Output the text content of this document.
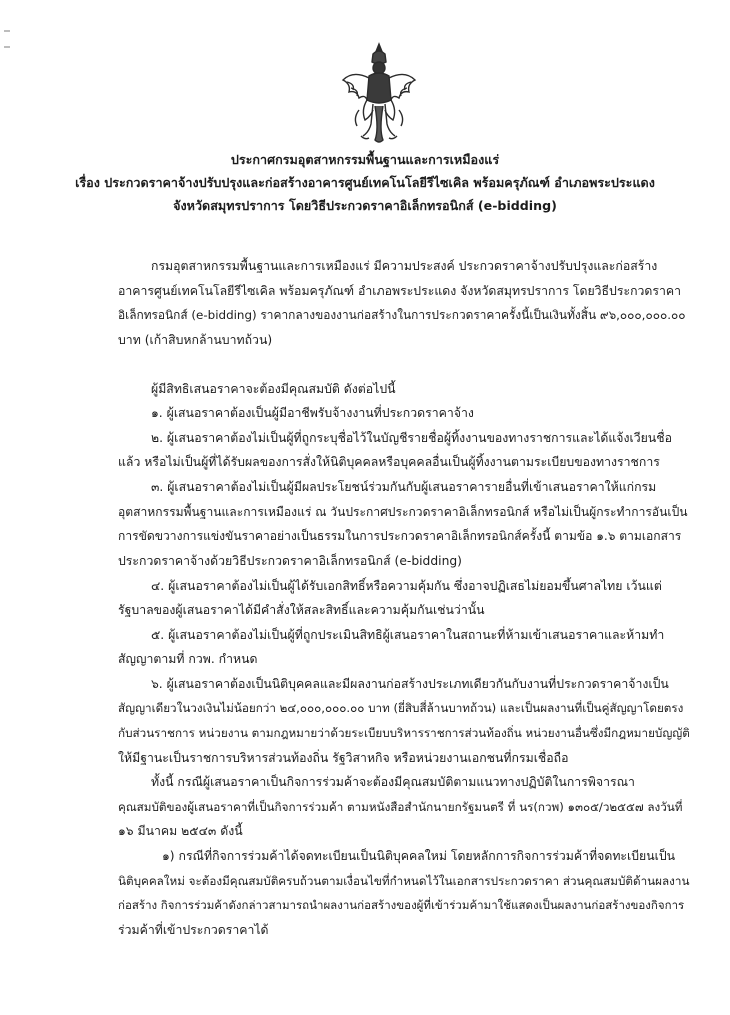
ประกาศกรมอุตสาหกรรมพื้นฐานและการเหมืองแร่
เรื่อง ประกวดราคาจ้างปรับปรุงและก่อสร้างอาคารศูนย์เทคโนโลยีรีไซเคิล พร้อมครุภัณฑ์ อำเภอพระประแดง
จังหวัดสมุทรปราการ โดยวิธีประกวดราคาอิเล็กทรอนิกส์ (e-bidding)
กรมอุตสาหกรรมพื้นฐานและการเหมืองแร่ มีความประสงค์ ประกวดราคาจ้างปรับปรุงและก่อสร้าง
อาคารศูนย์เทคโนโลยีรีไซเคิล พร้อมครุภัณฑ์ อำเภอพระประแดง จังหวัดสมุทรปราการ โดยวิธีประกวดราคา
อิเล็กทรอนิกส์ (e-bidding) ราคากลางของงานก่อสร้างในการประกวดราคาครั้งนี้เป็นเงินทั้งสิ้น ๙๖,๐๐๐,๐๐๐.๐๐
บาท (เก้าสิบหกล้านบาทถ้วน)
ผู้มีสิทธิเสนอราคาจะต้องมีคุณสมบัติ ดังต่อไปนี้
๑. ผู้เสนอราคาต้องเป็นผู้มีอาชีพรับจ้างงานที่ประกวดราคาจ้าง
๒. ผู้เสนอราคาต้องไม่เป็นผู้ที่ถูกระบุชื่อไว้ในบัญชีรายชื่อผู้ทิ้งงานของทางราชการและได้แจ้งเวียนชื่อ
แล้ว หรือไม่เป็นผู้ที่ได้รับผลของการสั่งให้นิติบุคคลหรือบุคคลอื่นเป็นผู้ทิ้งงานตามระเบียบของทางราชการ
๓. ผู้เสนอราคาต้องไม่เป็นผู้มีผลประโยชน์ร่วมกันกับผู้เสนอราคารายอื่นที่เข้าเสนอราคาให้แก่กรม
อุตสาหกรรมพื้นฐานและการเหมืองแร่ ณ วันประกาศประกวดราคาอิเล็กทรอนิกส์ หรือไม่เป็นผู้กระทำการอันเป็น
การขัดขวางการแข่งขันราคาอย่างเป็นธรรมในการประกวดราคาอิเล็กทรอนิกส์ครั้งนี้ ตามข้อ ๑.๖ ตามเอกสาร
ประกวดราคาจ้างด้วยวิธีประกวดราคาอิเล็กทรอนิกส์ (e-bidding)
๔. ผู้เสนอราคาต้องไม่เป็นผู้ได้รับเอกสิทธิ์หรือความคุ้มกัน ซึ่งอาจปฏิเสธไม่ยอมขึ้นศาลไทย เว้นแต่
รัฐบาลของผู้เสนอราคาได้มีคำสั่งให้สละสิทธิ์และความคุ้มกันเช่นว่านั้น
๕. ผู้เสนอราคาต้องไม่เป็นผู้ที่ถูกประเมินสิทธิผู้เสนอราคาในสถานะที่ห้ามเข้าเสนอราคาและห้ามทำ
สัญญาตามที่ กวพ. กำหนด
๖. ผู้เสนอราคาต้องเป็นนิติบุคคลและมีผลงานก่อสร้างประเภทเดียวกันกับงานที่ประกวดราคาจ้างเป็น
สัญญาเดียวในวงเงินไม่น้อยกว่า ๒๔,๐๐๐,๐๐๐.๐๐ บาท (ยี่สิบสี่ล้านบาทถ้วน) และเป็นผลงานที่เป็นคู่สัญญาโดยตรง
กับส่วนราชการ หน่วยงาน ตามกฎหมายว่าด้วยระเบียบบริหารราชการส่วนท้องถิ่น หน่วยงานอื่นซึ่งมีกฎหมายบัญญัติ
ให้มีฐานะเป็นราชการบริหารส่วนท้องถิ่น รัฐวิสาหกิจ หรือหน่วยงานเอกชนที่กรมเชื่อถือ
ทั้งนี้ กรณีผู้เสนอราคาเป็นกิจการร่วมค้าจะต้องมีคุณสมบัติตามแนวทางปฏิบัติในการพิจารณา
คุณสมบัติของผู้เสนอราคาที่เป็นกิจการร่วมค้า ตามหนังสือสำนักนายกรัฐมนตรี ที่ นร(กวพ) ๑๓๐๕/ว๒๕๕๗ ลงวันที่
๑๖ มีนาคม ๒๕๔๓ ดังนี้
๑) กรณีที่กิจการร่วมค้าได้จดทะเบียนเป็นนิติบุคคลใหม่ โดยหลักการกิจการร่วมค้าที่จดทะเบียนเป็น
นิติบุคคลใหม่ จะต้องมีคุณสมบัติครบถ้วนตามเงื่อนไขที่กำหนดไว้ในเอกสารประกวดราคา ส่วนคุณสมบัติด้านผลงาน
ก่อสร้าง กิจการร่วมค้าดังกล่าวสามารถนำผลงานก่อสร้างของผู้ที่เข้าร่วมค้ามาใช้แสดงเป็นผลงานก่อสร้างของกิจการ
ร่วมค้าที่เข้าประกวดราคาได้
